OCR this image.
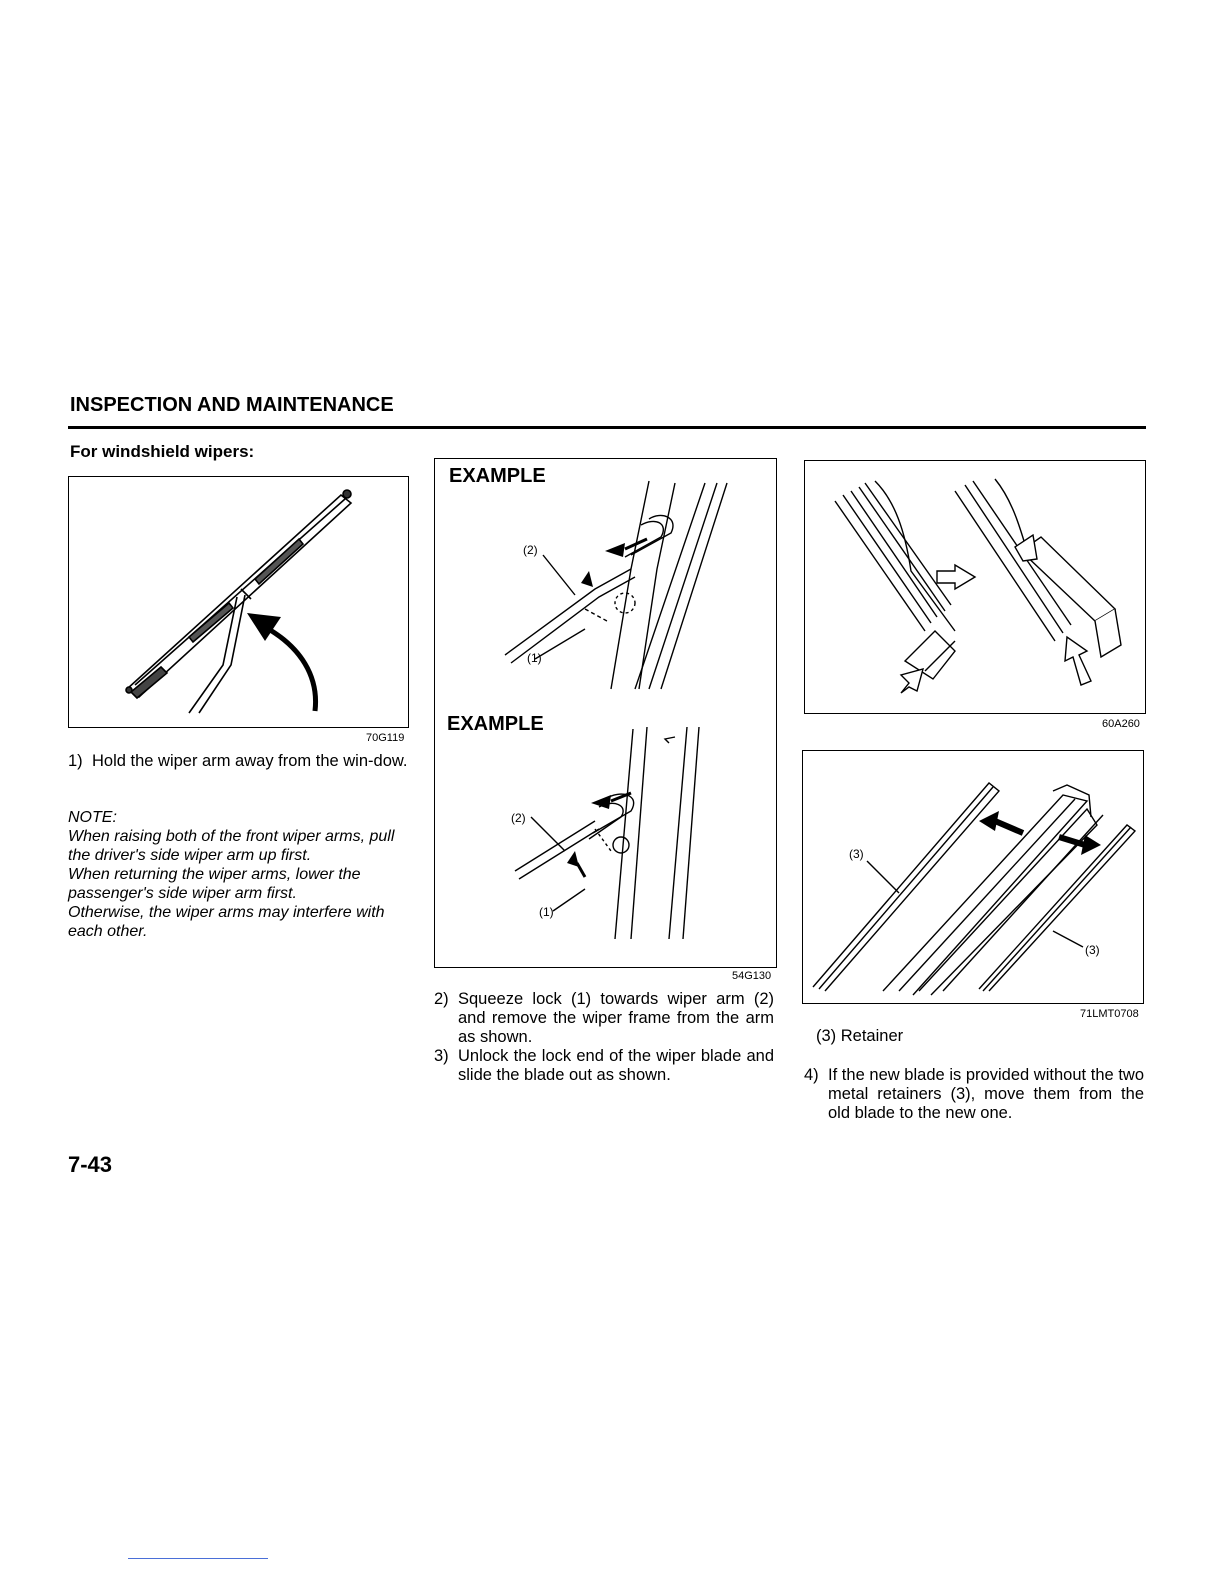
INSPECTION AND MAINTENANCE
For windshield wipers:
70G119
1) Hold the wiper arm away from the win-dow.

NOTE:

When raising both of the front wiper arms, pull the driver's side wiper arm up first.

When returning the wiper arms, lower the passenger's side wiper arm first.

Otherwise, the wiper arms may interfere with each other.

EXAMPLE
EXAMPLE
(2)
(1)
(2)
(1)
54G130
2) Squeeze lock (1) towards wiper arm (2) and remove the wiper frame from the arm as shown.
3) Unlock the lock end of the wiper blade and slide the blade out as shown.
60A260
(3)
(3)
71LMT0708
(3) Retainer
4) If the new blade is provided without the two metal retainers (3), move them from the old blade to the new one.
7-43
